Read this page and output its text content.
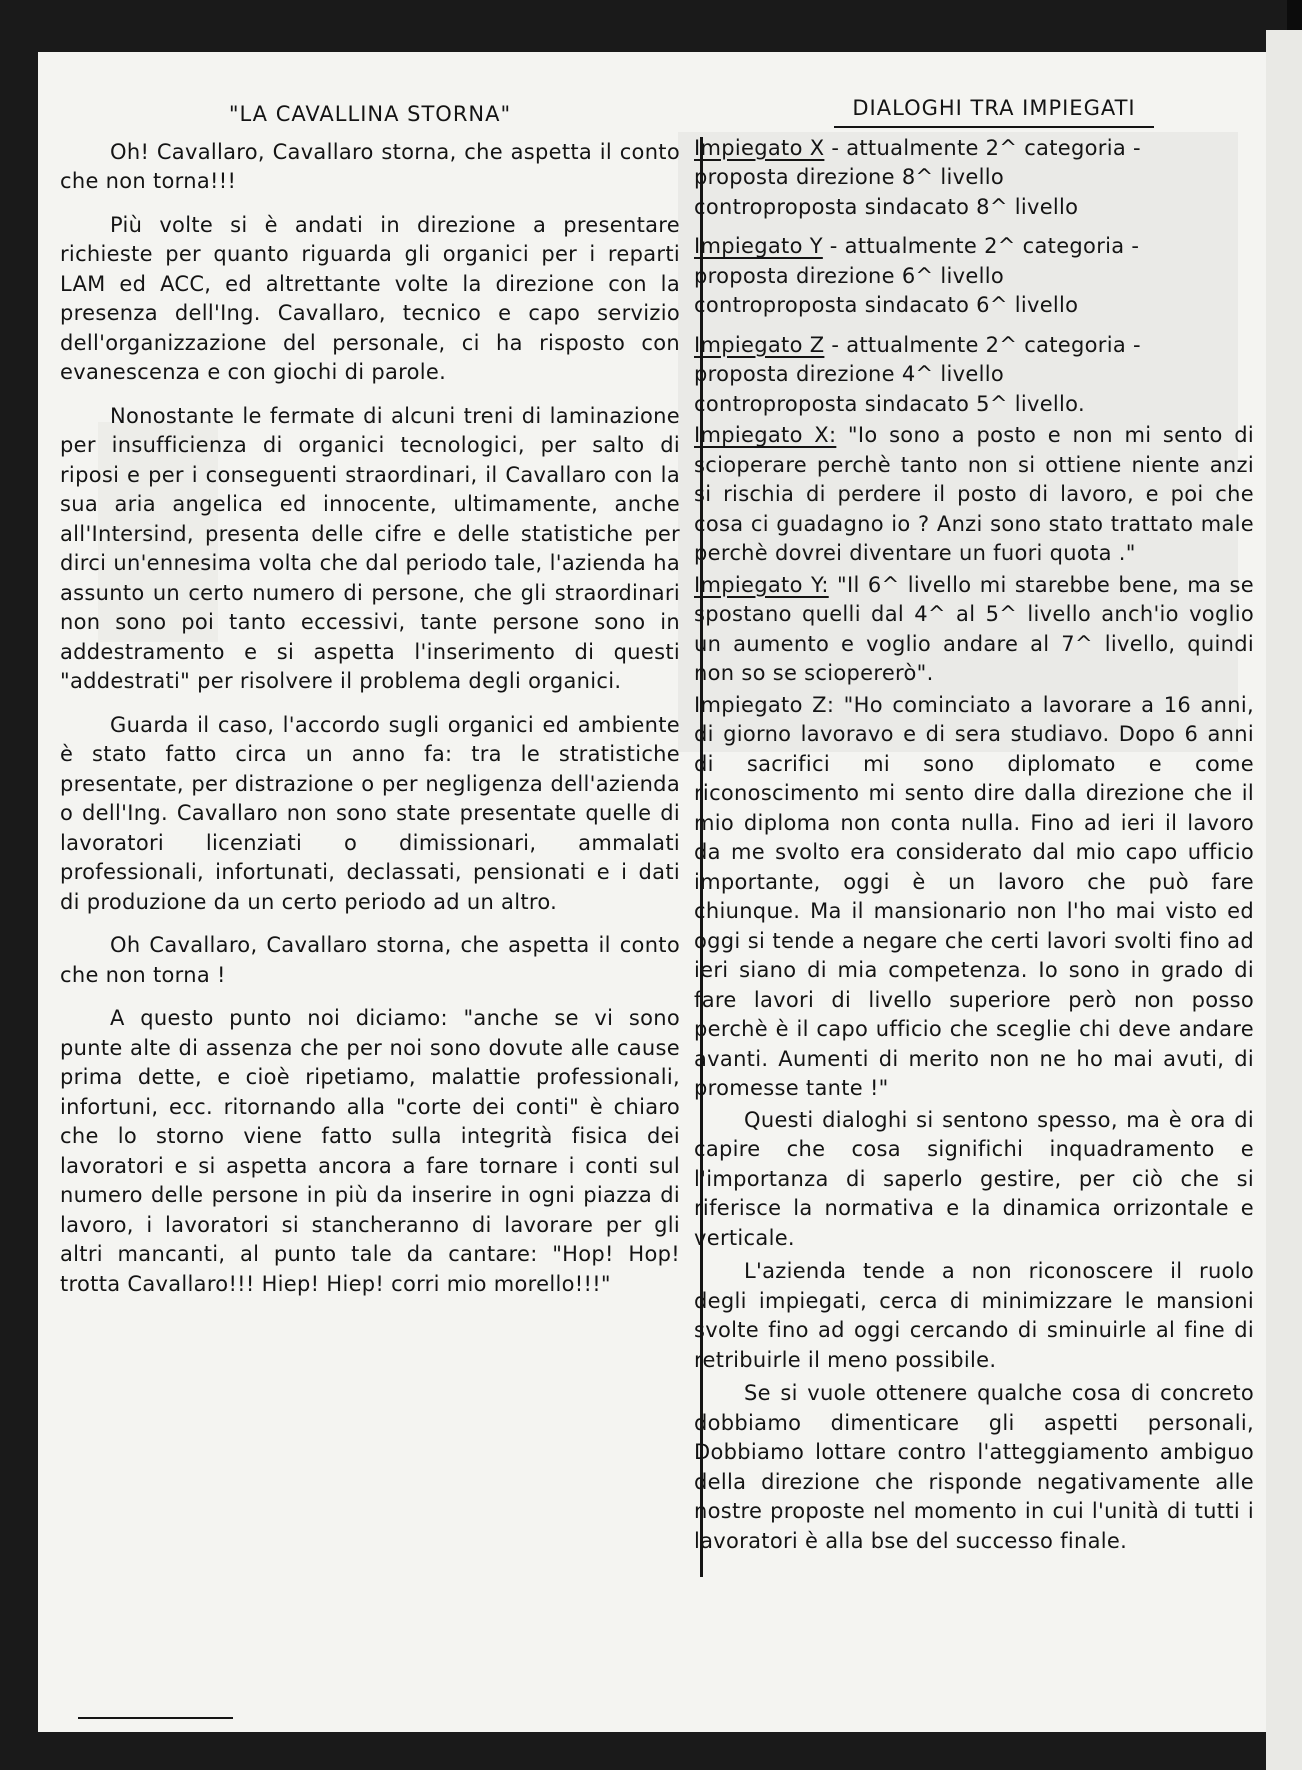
"LA CAVALLINA STORNA"

Oh! Cavallaro, Cavallaro storna, che aspetta il conto che non torna!!!

Più volte si è andati in direzione a presentare richieste per quanto riguarda gli organici per i reparti LAM ed ACC, ed altrettante volte la direzione con la presenza dell'Ing. Cavallaro, tecnico e capo servizio dell'organizzazione del personale, ci ha risposto con evanescenza e con giochi di parole.

Nonostante le fermate di alcuni treni di laminazione per insufficienza di organici tecnologici, per salto di riposi e per i conseguenti straordinari, il Cavallaro con la sua aria angelica ed innocente, ultimamente, anche all'Intersind, presenta delle cifre e delle statistiche per dirci un'ennesima volta che dal periodo tale, l'azienda ha assunto un certo numero di persone, che gli straordinari non sono poi tanto eccessivi, tante persone sono in addestramento e si aspetta l'inserimento di questi "addestrati" per risolvere il problema degli organici.

Guarda il caso, l'accordo sugli organici ed ambiente è stato fatto circa un anno fa: tra le stratistiche presentate, per distrazione o per negligenza dell'azienda o dell'Ing. Cavallaro non sono state presentate quelle di lavoratori licenziati o dimissionari, ammalati professionali, infortunati, declassati, pensionati e i dati di produzione da un certo periodo ad un altro.

Oh Cavallaro, Cavallaro storna, che aspetta il conto che non torna !

A questo punto noi diciamo: "anche se vi sono punte alte di assenza che per noi sono dovute alle cause prima dette, e cioè ripetiamo, malattie professionali, infortuni, ecc. ritornando alla "corte dei conti" è chiaro che lo storno viene fatto sulla integrità fisica dei lavoratori e si aspetta ancora a fare tornare i conti sul numero delle persone in più da inserire in ogni piazza di lavoro, i lavoratori si stancheranno di lavorare per gli altri mancanti, al punto tale da cantare: "Hop! Hop! trotta Cavallaro!!! Hiep! Hiep! corri mio morello!!!"

DIALOGHI TRA IMPIEGATI
Impiegato X - attualmente 2^ categoria -
proposta direzione 8^ livello
controproposta sindacato 8^ livello
Impiegato Y - attualmente 2^ categoria -
proposta direzione 6^ livello
controproposta sindacato 6^ livello
Impiegato Z - attualmente 2^ categoria -
proposta direzione 4^ livello
controproposta sindacato 5^ livello.

Impiegato X: "Io sono a posto e non mi sento di scioperare perchè tanto non si ottiene niente anzi si rischia di perdere il posto di lavoro, e poi che cosa ci guadagno io ? Anzi sono stato trattato male perchè dovrei diventare un fuori quota ."

Impiegato Y: "Il 6^ livello mi starebbe bene, ma se spostano quelli dal 4^ al 5^ livello anch'io voglio un aumento e voglio andare al 7^ livello, quindi non so se sciopererò".

Impiegato Z: "Ho cominciato a lavorare a 16 anni, di giorno lavoravo e di sera studiavo. Dopo 6 anni di sacrifici mi sono diplomato e come riconoscimento mi sento dire dalla direzione che il mio diploma non conta nulla. Fino ad ieri il lavoro da me svolto era considerato dal mio capo ufficio importante, oggi è un lavoro che può fare chiunque. Ma il mansionario non l'ho mai visto ed oggi si tende a negare che certi lavori svolti fino ad ieri siano di mia competenza. Io sono in grado di fare lavori di livello superiore però non posso perchè è il capo ufficio che sceglie chi deve andare avanti. Aumenti di merito non ne ho mai avuti, di promesse tante !"

Questi dialoghi si sentono spesso, ma è ora di capire che cosa significhi inquadramento e l'importanza di saperlo gestire, per ciò che si riferisce la normativa e la dinamica orrizontale e verticale.

L'azienda tende a non riconoscere il ruolo degli impiegati, cerca di minimizzare le mansioni svolte fino ad oggi cercando di sminuirle al fine di retribuirle il meno possibile.

Se si vuole ottenere qualche cosa di concreto dobbiamo dimenticare gli aspetti personali, Dobbiamo lottare contro l'atteggiamento ambiguo della direzione che risponde negativamente alle nostre proposte nel momento in cui l'unità di tutti i lavoratori è alla bse del successo finale.
